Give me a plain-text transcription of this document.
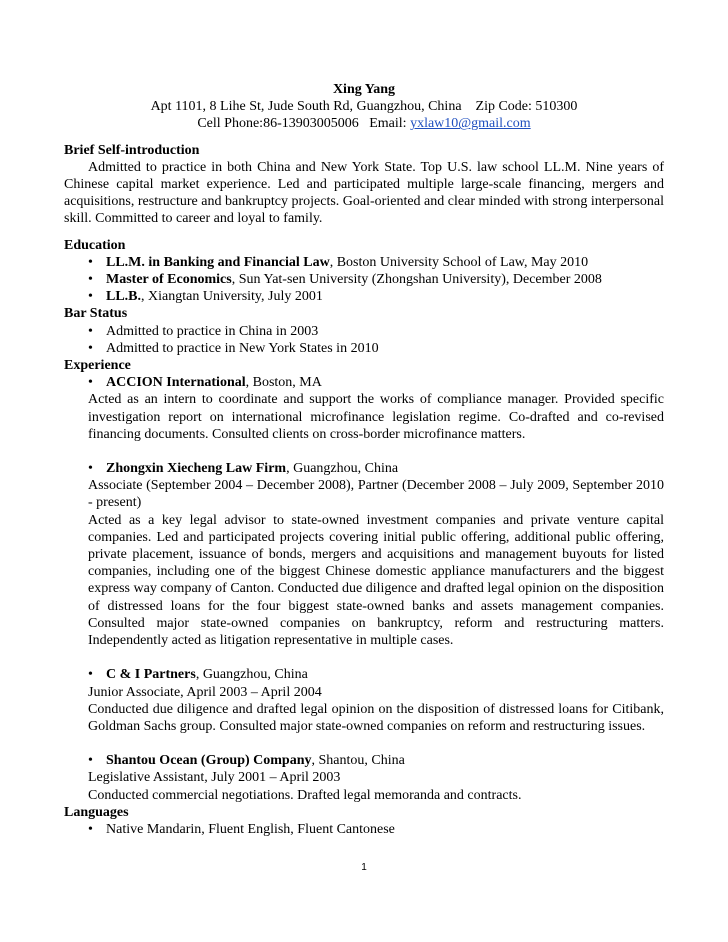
Xing Yang
Apt 1101, 8 Lihe St, Jude South Rd, Guangzhou, China    Zip Code: 510300
Cell Phone:86-13903005006   Email: yxlaw10@gmail.com
Brief Self-introduction
Admitted to practice in both China and New York State. Top U.S. law school LL.M. Nine years of Chinese capital market experience. Led and participated multiple large-scale financing, mergers and acquisitions, restructure and bankruptcy projects. Goal-oriented and clear minded with strong interpersonal skill. Committed to career and loyal to family.
Education
• LL.M. in Banking and Financial Law, Boston University School of Law, May 2010
• Master of Economics, Sun Yat-sen University (Zhongshan University), December 2008
• LL.B., Xiangtan University, July 2001
Bar Status
• Admitted to practice in China in 2003
• Admitted to practice in New York States in 2010
Experience
• ACCION International, Boston, MA
Acted as an intern to coordinate and support the works of compliance manager. Provided specific investigation report on international microfinance legislation regime. Co-drafted and co-revised financing documents. Consulted clients on cross-border microfinance matters.
• Zhongxin Xiecheng Law Firm, Guangzhou, China
Associate (September 2004 – December 2008), Partner (December 2008 – July 2009, September 2010 - present)
Acted as a key legal advisor to state-owned investment companies and private venture capital companies. Led and participated projects covering initial public offering, additional public offering, private placement, issuance of bonds, mergers and acquisitions and management buyouts for listed companies, including one of the biggest Chinese domestic appliance manufacturers and the biggest express way company of Canton. Conducted due diligence and drafted legal opinion on the disposition of distressed loans for the four biggest state-owned banks and assets management companies. Consulted major state-owned companies on bankruptcy, reform and restructuring matters. Independently acted as litigation representative in multiple cases.
• C & I Partners, Guangzhou, China
Junior Associate, April 2003 – April 2004
Conducted due diligence and drafted legal opinion on the disposition of distressed loans for Citibank, Goldman Sachs group. Consulted major state-owned companies on reform and restructuring issues.
• Shantou Ocean (Group) Company, Shantou, China
Legislative Assistant, July 2001 – April 2003
Conducted commercial negotiations. Drafted legal memoranda and contracts.
Languages
• Native Mandarin, Fluent English, Fluent Cantonese
1
